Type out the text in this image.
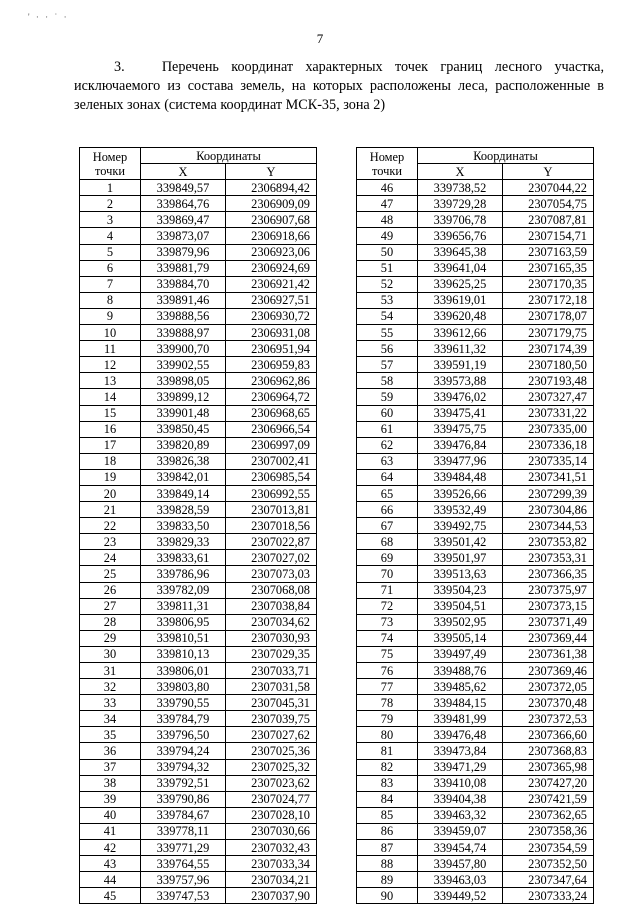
' · · ˙ ·
7
3.	Перечень координат характерных точек границ лесного участка, исключаемого из состава земель, на которых расположены леса, расположенные в зеленых зонах (система координат МСК-35, зона 2)
Номер
точки	Координаты	
	X	Y
1	339849,57	2306894,42
2	339864,76	2306909,09
3	339869,47	2306907,68
4	339873,07	2306918,66
5	339879,96	2306923,06
6	339881,79	2306924,69
7	339884,70	2306921,42
8	339891,46	2306927,51
9	339888,56	2306930,72
10	339888,97	2306931,08
11	339900,70	2306951,94
12	339902,55	2306959,83
13	339898,05	2306962,86
14	339899,12	2306964,72
15	339901,48	2306968,65
16	339850,45	2306966,54
17	339820,89	2306997,09
18	339826,38	2307002,41
19	339842,01	2306985,54
20	339849,14	2306992,55
21	339828,59	2307013,81
22	339833,50	2307018,56
23	339829,33	2307022,87
24	339833,61	2307027,02
25	339786,96	2307073,03
26	339782,09	2307068,08
27	339811,31	2307038,84
28	339806,95	2307034,62
29	339810,51	2307030,93
30	339810,13	2307029,35
31	339806,01	2307033,71
32	339803,80	2307031,58
33	339790,55	2307045,31
34	339784,79	2307039,75
35	339796,50	2307027,62
36	339794,24	2307025,36
37	339794,32	2307025,32
38	339792,51	2307023,62
39	339790,86	2307024,77
40	339784,67	2307028,10
41	339778,11	2307030,66
42	339771,29	2307032,43
43	339764,55	2307033,34
44	339757,96	2307034,21
45	339747,53	2307037,90
Номер
точки	Координаты	
	X	Y
46	339738,52	2307044,22
47	339729,28	2307054,75
48	339706,78	2307087,81
49	339656,76	2307154,71
50	339645,38	2307163,59
51	339641,04	2307165,35
52	339625,25	2307170,35
53	339619,01	2307172,18
54	339620,48	2307178,07
55	339612,66	2307179,75
56	339611,32	2307174,39
57	339591,19	2307180,50
58	339573,88	2307193,48
59	339476,02	2307327,47
60	339475,41	2307331,22
61	339475,75	2307335,00
62	339476,84	2307336,18
63	339477,96	2307335,14
64	339484,48	2307341,51
65	339526,66	2307299,39
66	339532,49	2307304,86
67	339492,75	2307344,53
68	339501,42	2307353,82
69	339501,97	2307353,31
70	339513,63	2307366,35
71	339504,23	2307375,97
72	339504,51	2307373,15
73	339502,95	2307371,49
74	339505,14	2307369,44
75	339497,49	2307361,38
76	339488,76	2307369,46
77	339485,62	2307372,05
78	339484,15	2307370,48
79	339481,99	2307372,53
80	339476,48	2307366,60
81	339473,84	2307368,83
82	339471,29	2307365,98
83	339410,08	2307427,20
84	339404,38	2307421,59
85	339463,32	2307362,65
86	339459,07	2307358,36
87	339454,74	2307354,59
88	339457,80	2307352,50
89	339463,03	2307347,64
90	339449,52	2307333,24
